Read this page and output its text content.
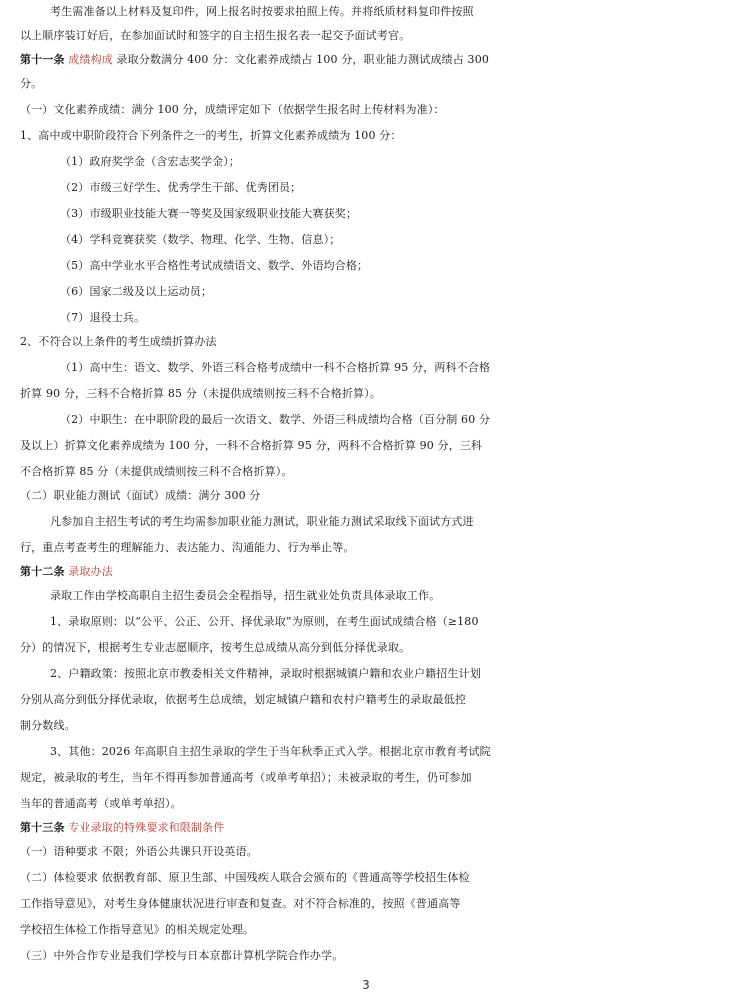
考生需准备以上材料及复印件，网上报名时按要求拍照上传。并将纸质材料复印件按照
以上顺序装订好后，在参加面试时和签字的自主招生报名表一起交予面试考官。
第十一条 成绩构成 录取分数满分 400 分：文化素养成绩占 100 分，职业能力测试成绩占 300
分。
（一）文化素养成绩：满分 100 分，成绩评定如下（依据学生报名时上传材料为准）：
1、高中或中职阶段符合下列条件之一的考生，折算文化素养成绩为 100 分：
（1）政府奖学金（含宏志奖学金）；
（2）市级三好学生、优秀学生干部、优秀团员；
（3）市级职业技能大赛一等奖及国家级职业技能大赛获奖；
（4）学科竞赛获奖（数学、物理、化学、生物、信息）；
（5）高中学业水平合格性考试成绩语文、数学、外语均合格；
（6）国家二级及以上运动员；
（7）退役士兵。
2、不符合以上条件的考生成绩折算办法
（1）高中生：语文、数学、外语三科合格考成绩中一科不合格折算 95 分，两科不合格
折算 90 分，三科不合格折算 85 分（未提供成绩则按三科不合格折算）。
（2）中职生：在中职阶段的最后一次语文、数学、外语三科成绩均合格（百分制 60 分
及以上）折算文化素养成绩为 100 分，一科不合格折算 95 分，两科不合格折算 90 分，三科
不合格折算 85 分（未提供成绩则按三科不合格折算）。
（二）职业能力测试（面试）成绩：满分 300 分
凡参加自主招生考试的考生均需参加职业能力测试，职业能力测试采取线下面试方式进
行，重点考查考生的理解能力、表达能力、沟通能力、行为举止等。
第十二条 录取办法
录取工作由学校高职自主招生委员会全程指导，招生就业处负责具体录取工作。
1、录取原则：以“公平、公正、公开、择优录取”为原则，在考生面试成绩合格（≥180
分）的情况下，根据考生专业志愿顺序，按考生总成绩从高分到低分择优录取。
2、户籍政策：按照北京市教委相关文件精神，录取时根据城镇户籍和农业户籍招生计划
分别从高分到低分择优录取，依据考生总成绩，划定城镇户籍和农村户籍考生的录取最低控
制分数线。
3、其他：2026 年高职自主招生录取的学生于当年秋季正式入学。根据北京市教育考试院
规定，被录取的考生，当年不得再参加普通高考（或单考单招）；未被录取的考生，仍可参加
当年的普通高考（或单考单招）。
第十三条 专业录取的特殊要求和限制条件
（一）语种要求 不限；外语公共课只开设英语。
（二）体检要求 依据教育部、原卫生部、中国残疾人联合会颁布的《普通高等学校招生体检
工作指导意见》，对考生身体健康状况进行审查和复查。对不符合标准的，按照《普通高等
学校招生体检工作指导意见》的相关规定处理。
（三）中外合作专业是我们学校与日本京都计算机学院合作办学。
3
